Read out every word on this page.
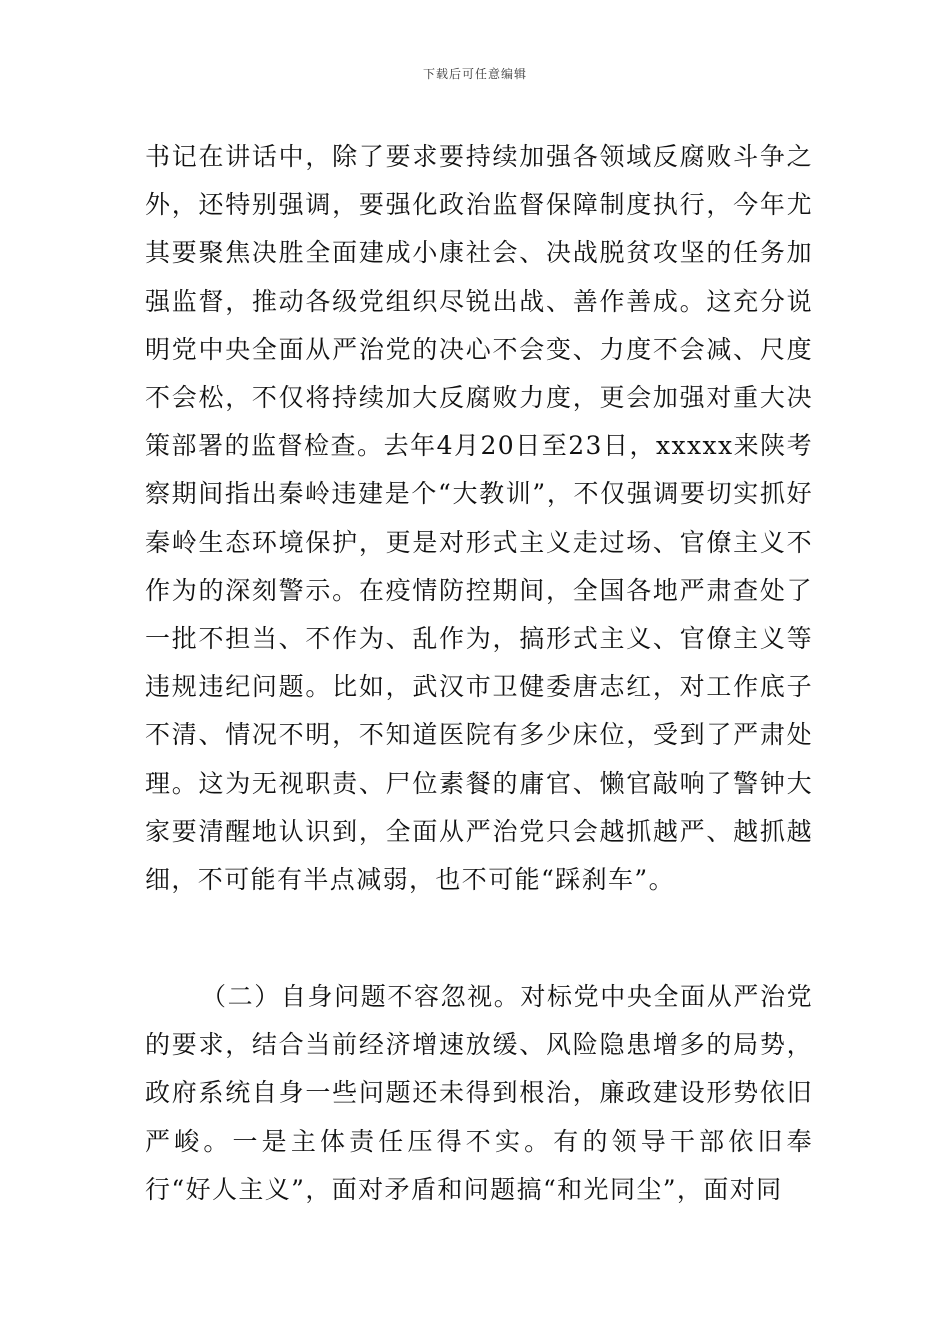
下载后可任意编辑

书记在讲话中，除了要求要持续加强各领域反腐败斗争之外，还特别强调，要强化政治监督保障制度执行，今年尤其要聚焦决胜全面建成小康社会、决战脱贫攻坚的任务加强监督，推动各级党组织尽锐出战、善作善成。这充分说明党中央全面从严治党的决心不会变、力度不会减、尺度不会松，不仅将持续加大反腐败力度，更会加强对重大决策部署的监督检查。去年4月20日至23日，xxxxx来陕考察期间指出秦岭违建是个“大教训”，不仅强调要切实抓好秦岭生态环境保护，更是对形式主义走过场、官僚主义不作为的深刻警示。在疫情防控期间，全国各地严肃查处了一批不担当、不作为、乱作为，搞形式主义、官僚主义等违规违纪问题。比如，武汉市卫健委唐志红，对工作底子不清、情况不明，不知道医院有多少床位，受到了严肃处理。这为无视职责、尸位素餐的庸官、懒官敲响了警钟大家要清醒地认识到，全面从严治党只会越抓越严、越抓越细，不可能有半点减弱，也不可能“踩刹车”。

（二）自身问题不容忽视。对标党中央全面从严治党的要求，结合当前经济增速放缓、风险隐患增多的局势，政府系统自身一些问题还未得到根治，廉政建设形势依旧严峻。一是主体责任压得不实。有的领导干部依旧奉行“好人主义”，面对矛盾和问题搞“和光同尘”，面对同
